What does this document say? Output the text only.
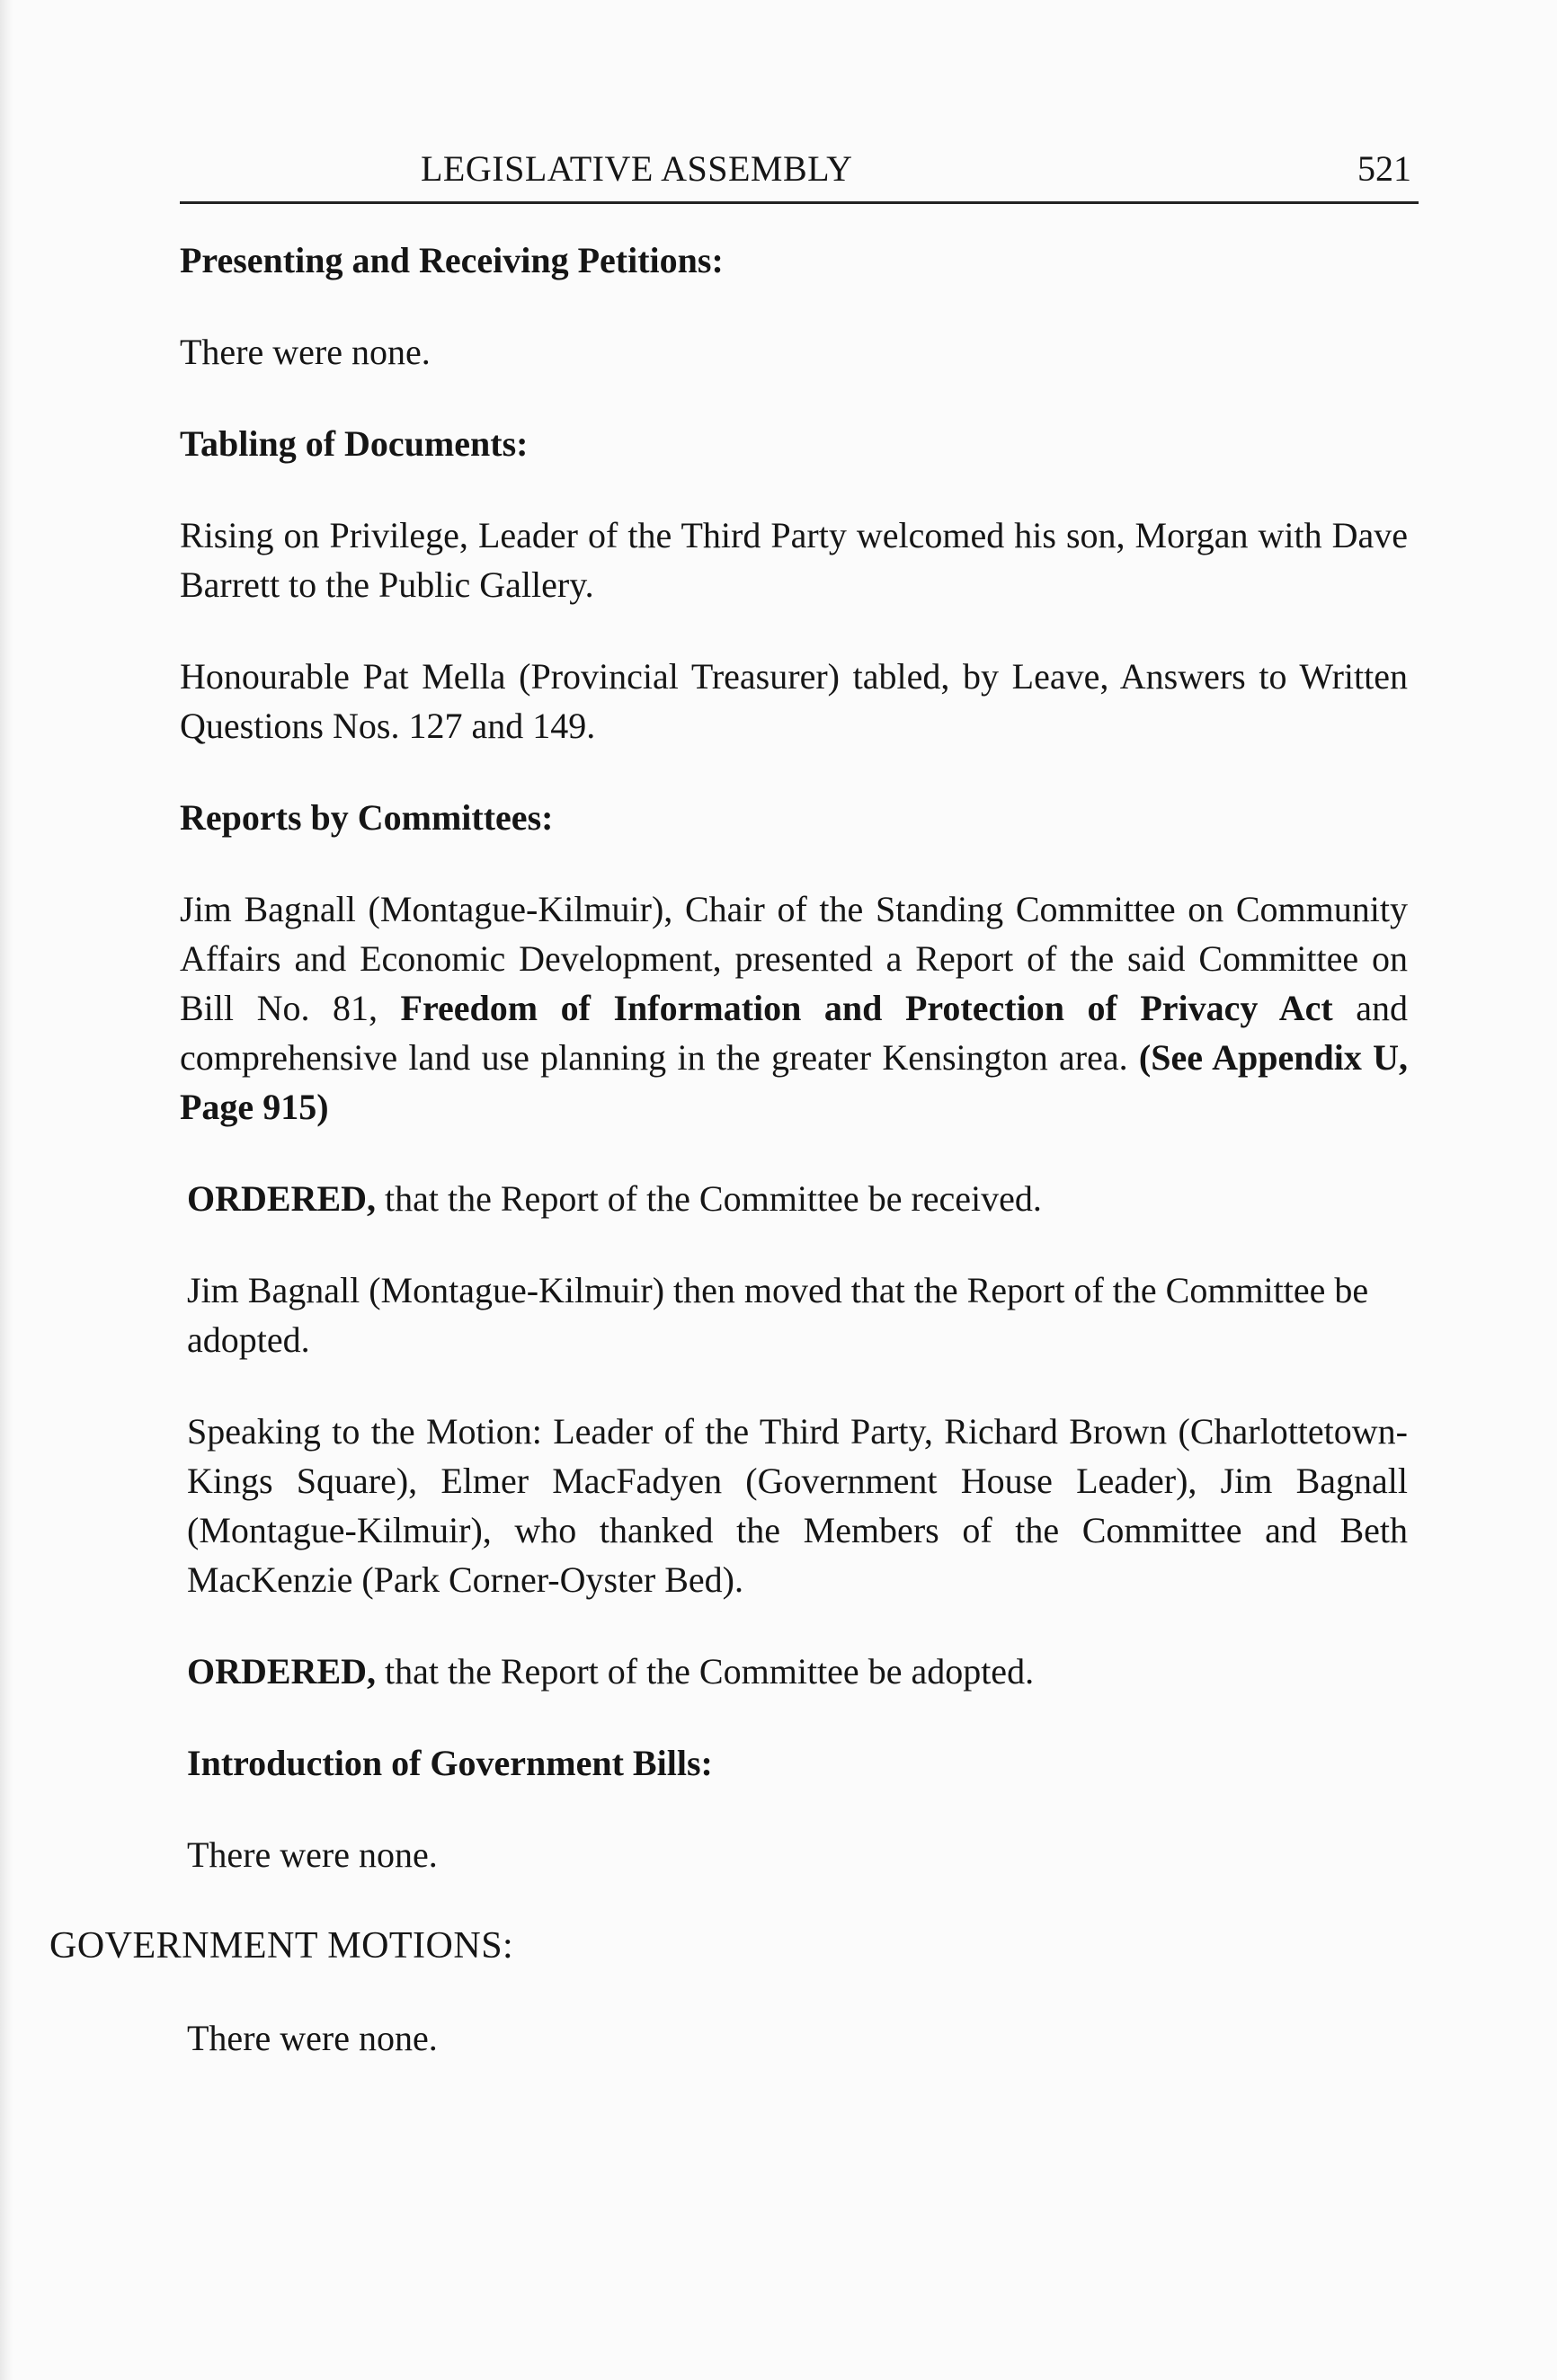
LEGISLATIVE ASSEMBLY	521
Presenting and Receiving Petitions:
There were none.
Tabling of Documents:
Rising on Privilege, Leader of the Third Party welcomed his son, Morgan with Dave Barrett to the Public Gallery.
Honourable Pat Mella (Provincial Treasurer) tabled, by Leave, Answers to Written Questions Nos. 127 and 149.
Reports by Committees:
Jim Bagnall (Montague-Kilmuir), Chair of the Standing Committee on Community Affairs and Economic Development, presented a Report of the said Committee on Bill No. 81, Freedom of Information and Protection of Privacy Act and comprehensive land use planning in the greater Kensington area. (See Appendix U, Page 915)
ORDERED, that the Report of the Committee be received.
Jim Bagnall (Montague-Kilmuir) then moved that the Report of the Committee be adopted.
Speaking to the Motion: Leader of the Third Party, Richard Brown (Charlottetown-Kings Square), Elmer MacFadyen (Government House Leader), Jim Bagnall (Montague-Kilmuir), who thanked the Members of the Committee and Beth MacKenzie (Park Corner-Oyster Bed).
ORDERED, that the Report of the Committee be adopted.
Introduction of Government Bills:
There were none.
GOVERNMENT MOTIONS:
There were none.
